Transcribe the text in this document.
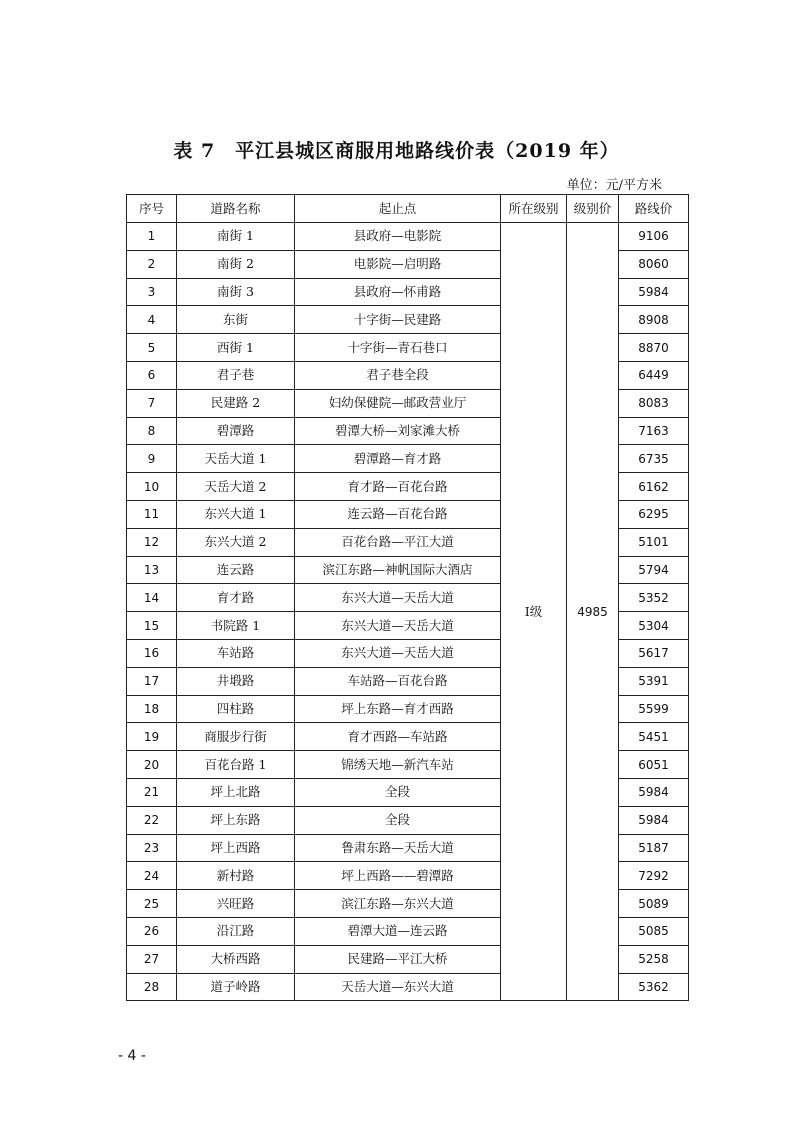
表 7　平江县城区商服用地路线价表（2019 年）
单位：元/平方米
序号	道路名称	起止点	所在级别	级别价	路线价
1	南街 1	县政府—电影院	Ⅰ级	4985	9106
2	南街 2	电影院—启明路			8060
3	南街 3	县政府—怀甫路			5984
4	东街	十字街—民建路			8908
5	西街 1	十字街—青石巷口			8870
6	君子巷	君子巷全段			6449
7	民建路 2	妇幼保健院—邮政营业厅			8083
8	碧潭路	碧潭大桥—刘家滩大桥			7163
9	天岳大道 1	碧潭路—育才路			6735
10	天岳大道 2	育才路—百花台路			6162
11	东兴大道 1	连云路—百花台路			6295
12	东兴大道 2	百花台路—平江大道			5101
13	连云路	滨江东路—神帆国际大酒店			5794
14	育才路	东兴大道—天岳大道			5352
15	书院路 1	东兴大道—天岳大道			5304
16	车站路	东兴大道—天岳大道			5617
17	井塅路	车站路—百花台路			5391
18	四柱路	坪上东路—育才西路			5599
19	商服步行街	育才西路—车站路			5451
20	百花台路 1	锦绣天地—新汽车站			6051
21	坪上北路	全段			5984
22	坪上东路	全段			5984
23	坪上西路	鲁肃东路—天岳大道			5187
24	新村路	坪上西路——碧潭路			7292
25	兴旺路	滨江东路—东兴大道			5089
26	沿江路	碧潭大道—连云路			5085
27	大桥西路	民建路—平江大桥			5258
28	道子岭路	天岳大道—东兴大道			5362
- 4 -
